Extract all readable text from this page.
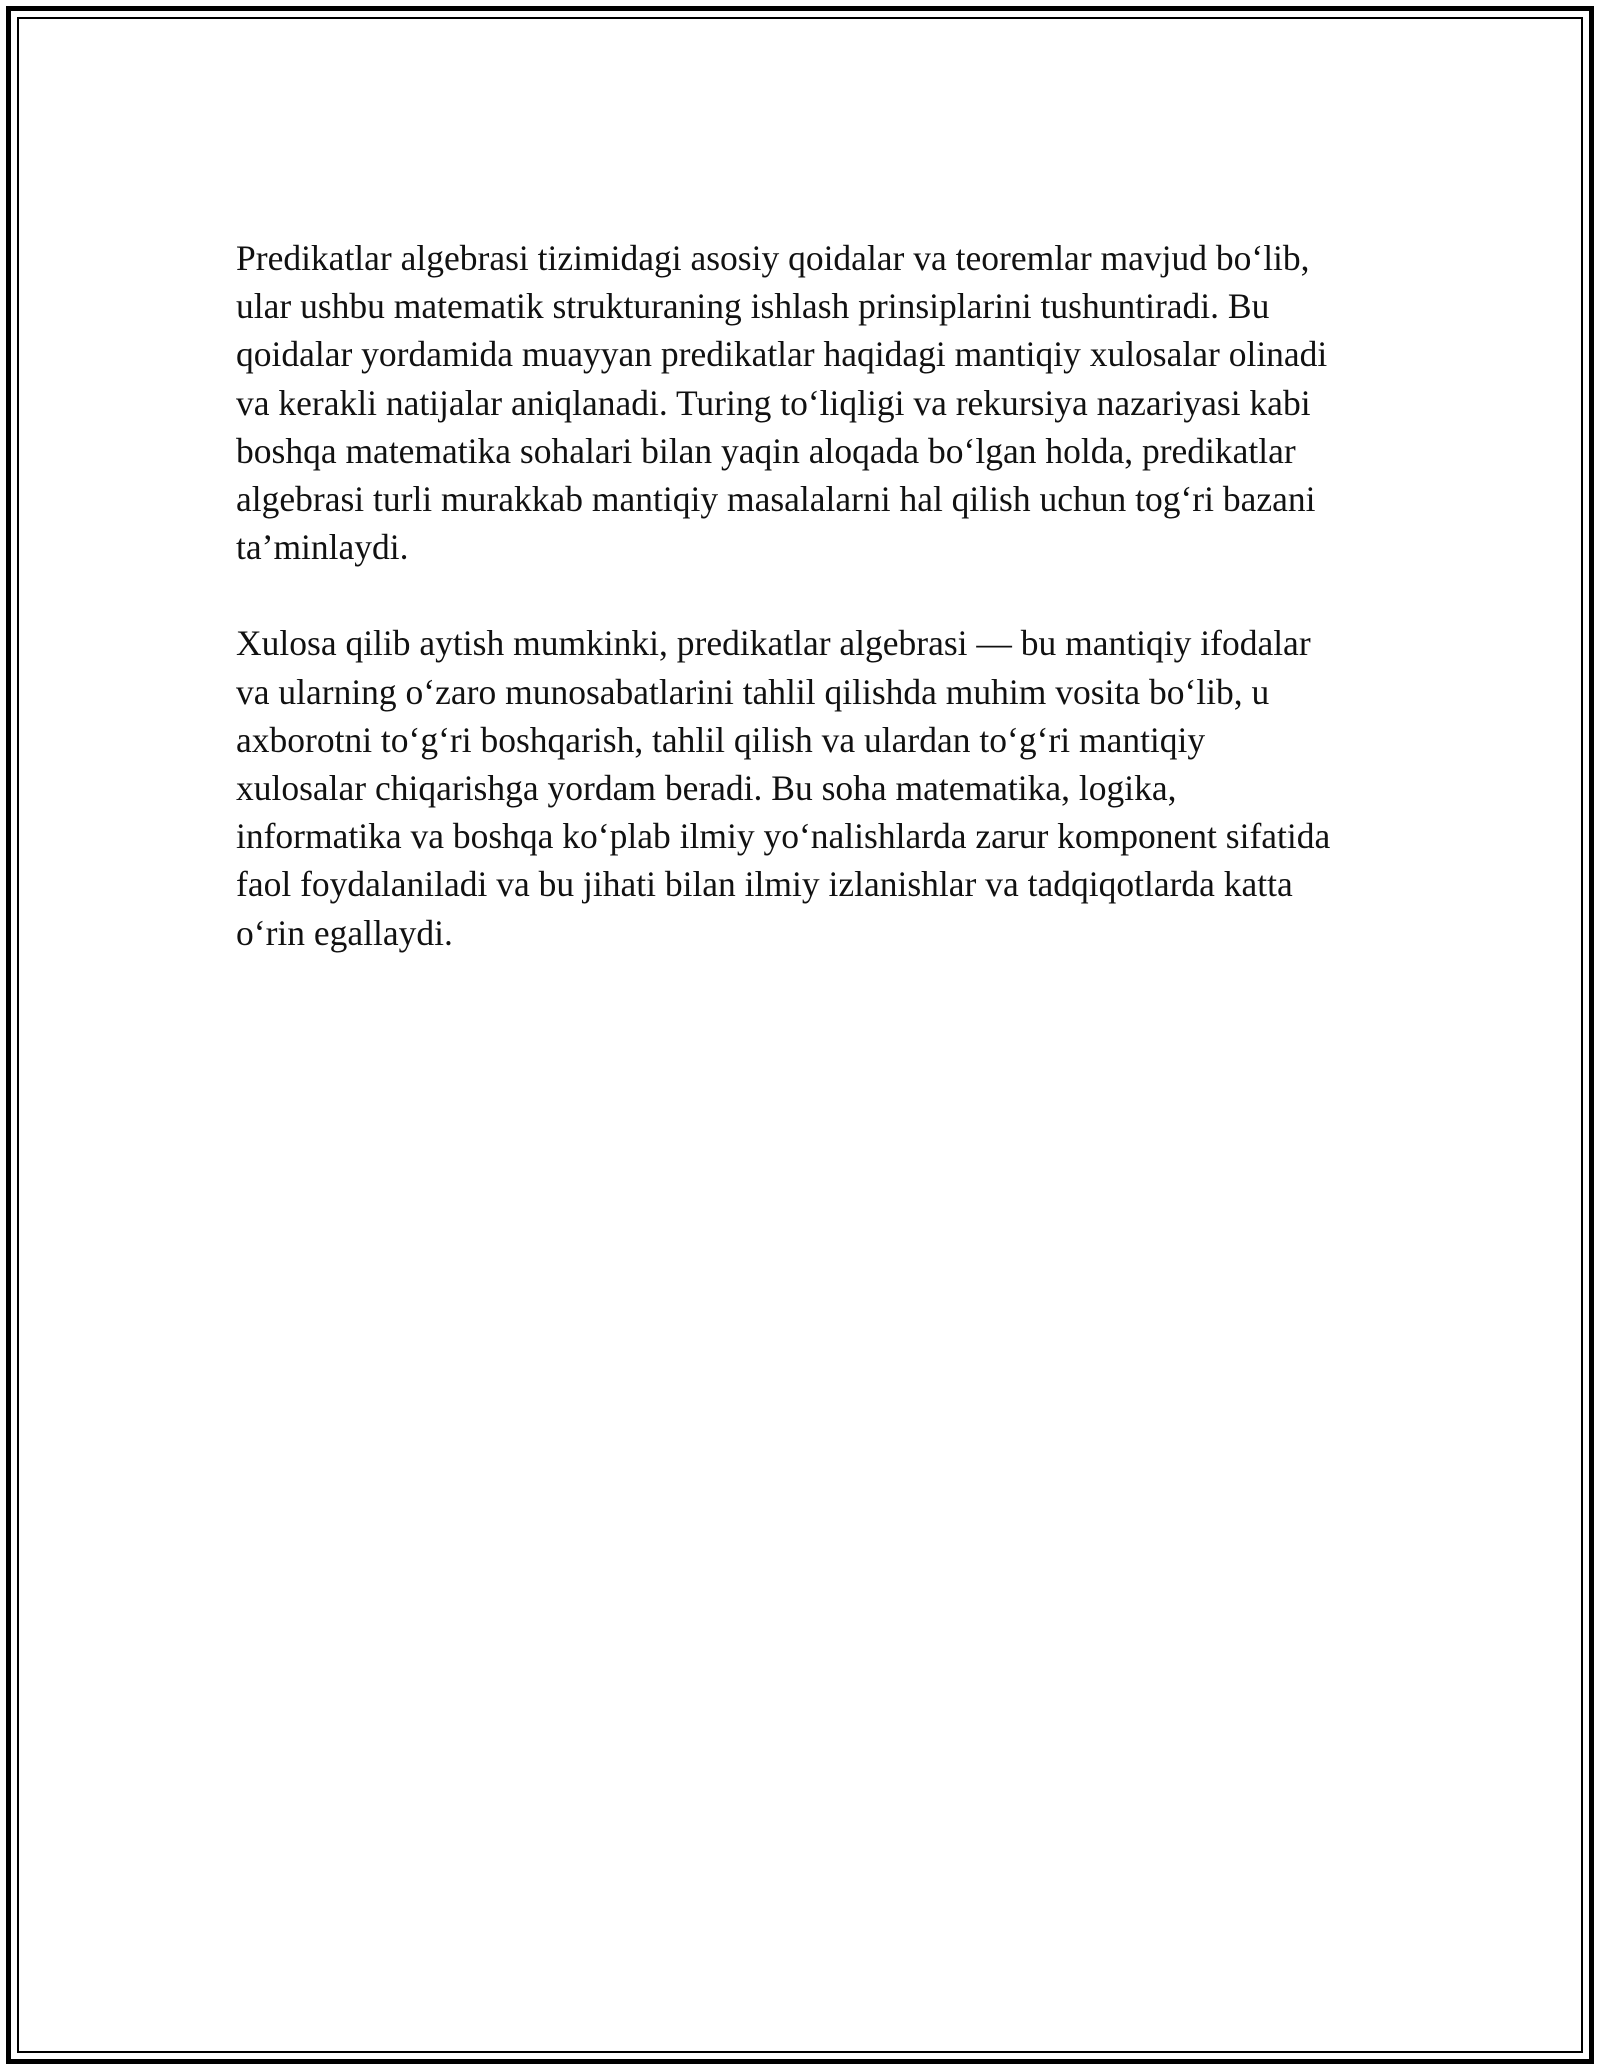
Predikatlar algebrasi tizimidagi asosiy qoidalar va teoremlar mavjud bo‘lib,
ular ushbu matematik strukturaning ishlash prinsiplarini tushuntiradi. Bu
qoidalar yordamida muayyan predikatlar haqidagi mantiqiy xulosalar olinadi
va kerakli natijalar aniqlanadi. Turing to‘liqligi va rekursiya nazariyasi kabi
boshqa matematika sohalari bilan yaqin aloqada bo‘lgan holda, predikatlar
algebrasi turli murakkab mantiqiy masalalarni hal qilish uchun tog‘ri bazani
ta’minlaydi.

Xulosa qilib aytish mumkinki, predikatlar algebrasi — bu mantiqiy ifodalar
va ularning o‘zaro munosabatlarini tahlil qilishda muhim vosita bo‘lib, u
axborotni to‘g‘ri boshqarish, tahlil qilish va ulardan to‘g‘ri mantiqiy
xulosalar chiqarishga yordam beradi. Bu soha matematika, logika,
informatika va boshqa ko‘plab ilmiy yo‘nalishlarda zarur komponent sifatida
faol foydalaniladi va bu jihati bilan ilmiy izlanishlar va tadqiqotlarda katta
o‘rin egallaydi.
